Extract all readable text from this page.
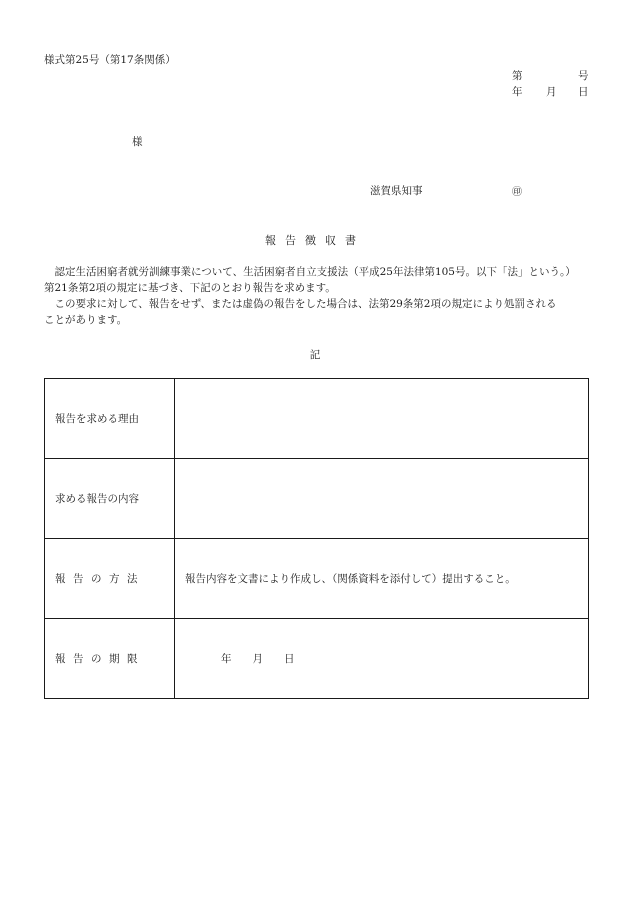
様式第25号（第17条関係）
第	号
年 月 日
様
滋賀県知事	㊞
報告徴収書

認定生活困窮者就労訓練事業について、生活困窮者自立支援法（平成25年法律第105号。以下「法」という。）

第21条第2項の規定に基づき、下記のとおり報告を求めます。

この要求に対して、報告をせず、または虚偽の報告をした場合は、法第29条第2項の規定により処罰される

ことがあります。

記
報告を求める理由	
求める報告の内容	
報告の方法	報告内容を文書により作成し、（関係資料を添付して）提出すること。
報告の期限	年　　月　　日
